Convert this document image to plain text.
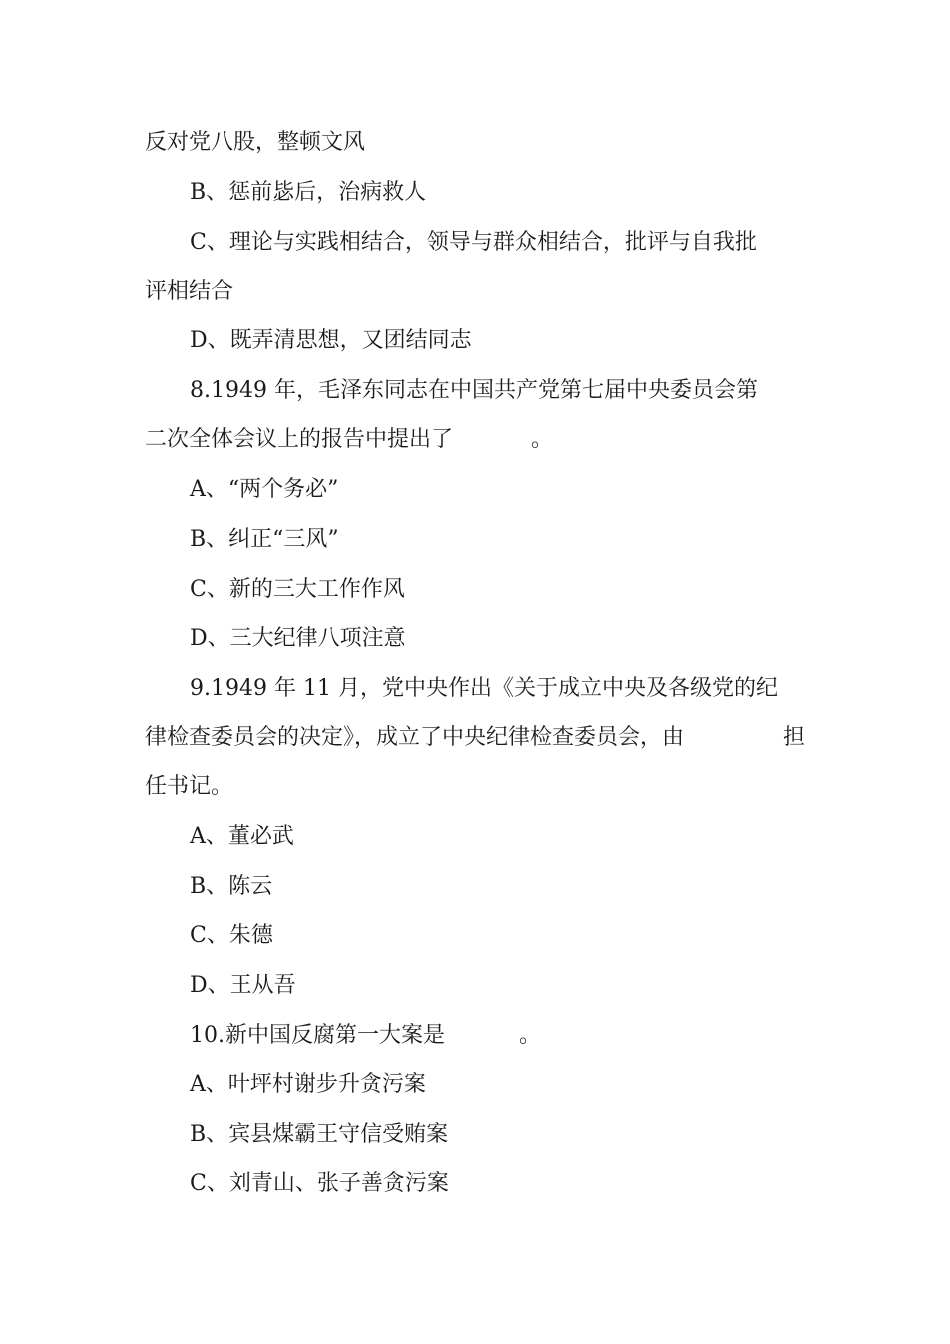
反对党八股，整顿文风
B、惩前毖后，治病救人
C、理论与实践相结合，领导与群众相结合，批评与自我批
评相结合
D、既弄清思想，又团结同志
8.1949 年，毛泽东同志在中国共产党第七届中央委员会第
二次全体会议上的报告中提出了	。
A、“两个务必”
B、纠正“三风”
C、新的三大工作作风
D、三大纪律八项注意
9.1949 年 11 月，党中央作出《关于成立中央及各级党的纪
律检查委员会的决定》，成立了中央纪律检查委员会，由	担
任书记。
A、董必武
B、陈云
C、朱德
D、王从吾
10.新中国反腐第一大案是	。
A、叶坪村谢步升贪污案
B、宾县煤霸王守信受贿案
C、刘青山、张子善贪污案
